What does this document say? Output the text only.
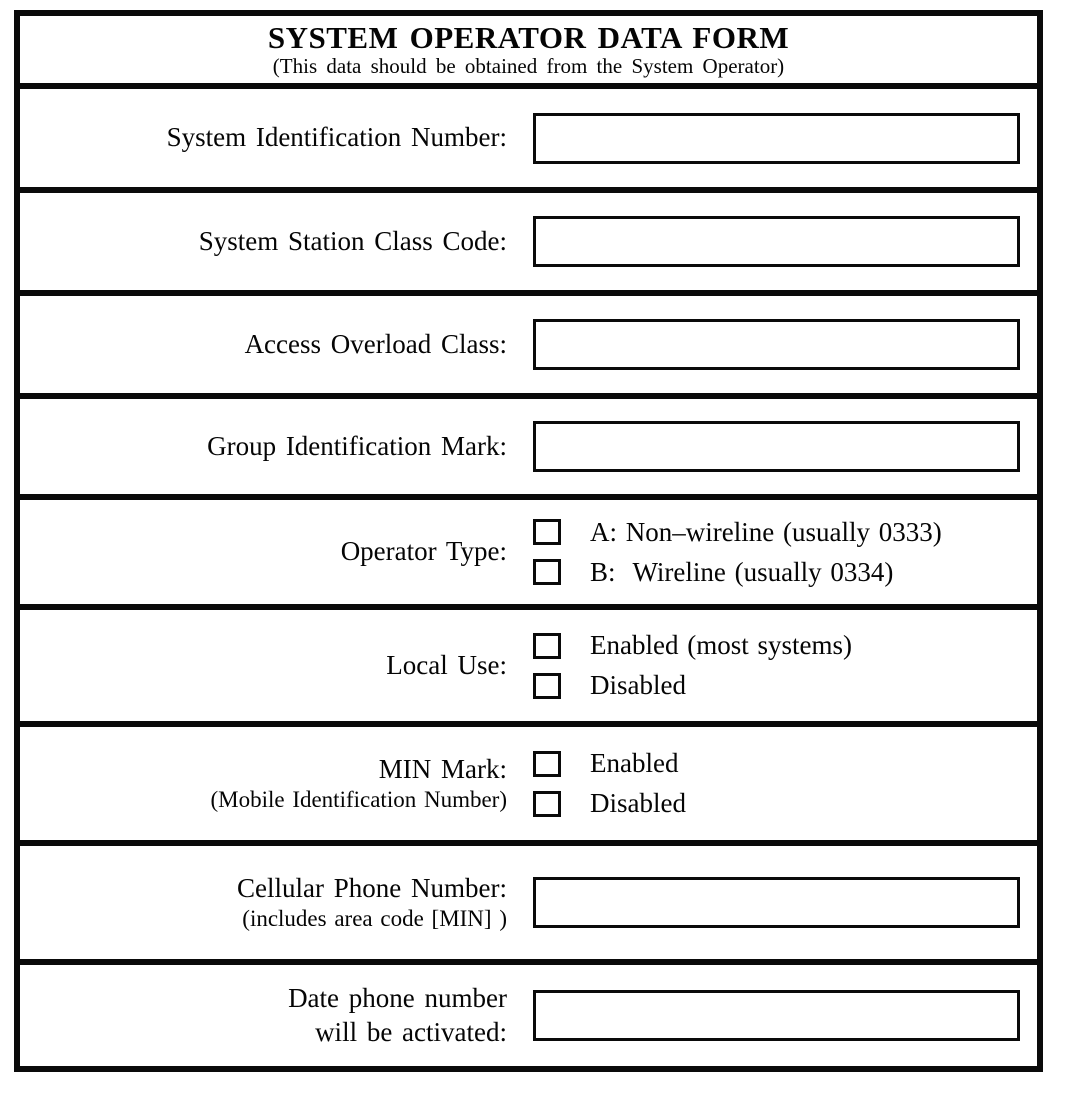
SYSTEM OPERATOR DATA FORM
(This data should be obtained from the System Operator)
System Identification Number:
System Station Class Code:
Access Overload Class:
Group Identification Mark:
Operator Type:
A: Non–wireline (usually 0333)
B:  Wireline (usually 0334)
Local Use:
Enabled (most systems)
Disabled
MIN Mark:
(Mobile Identification Number)
Enabled
Disabled
Cellular Phone Number:
(includes area code [MIN] )
Date phone number
will be activated:
